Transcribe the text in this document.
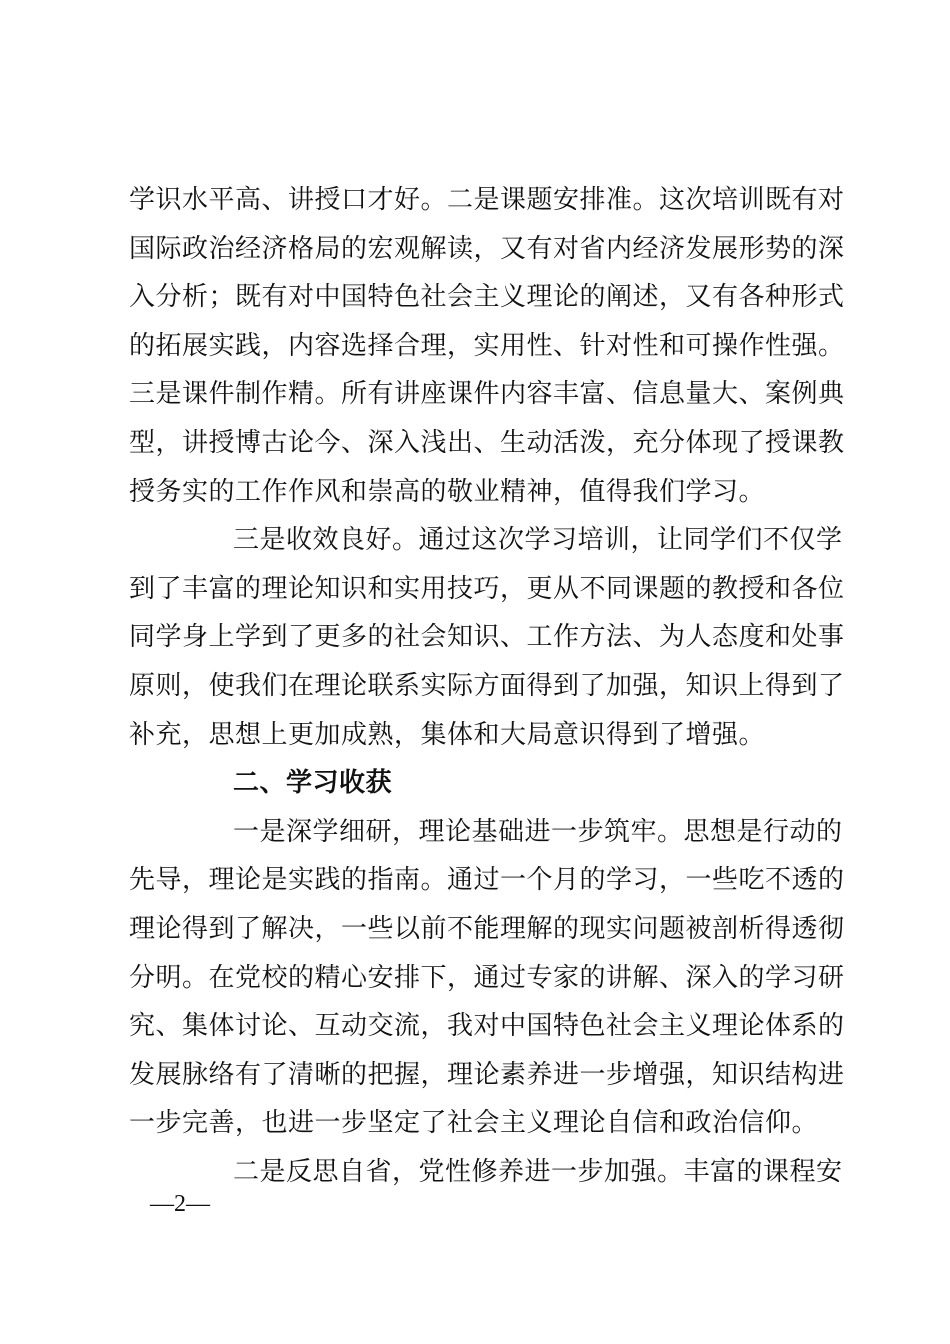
学识水平高、讲授口才好。二是课题安排准。这次培训既有对
国际政治经济格局的宏观解读，又有对省内经济发展形势的深
入分析；既有对中国特色社会主义理论的阐述，又有各种形式
的拓展实践，内容选择合理，实用性、针对性和可操作性强。
三是课件制作精。所有讲座课件内容丰富、信息量大、案例典
型，讲授博古论今、深入浅出、生动活泼，充分体现了授课教
授务实的工作作风和崇高的敬业精神，值得我们学习。
三是收效良好。通过这次学习培训，让同学们不仅学
到了丰富的理论知识和实用技巧，更从不同课题的教授和各位
同学身上学到了更多的社会知识、工作方法、为人态度和处事
原则，使我们在理论联系实际方面得到了加强，知识上得到了
补充，思想上更加成熟，集体和大局意识得到了增强。
二、学习收获
一是深学细研，理论基础进一步筑牢。思想是行动的
先导，理论是实践的指南。通过一个月的学习，一些吃不透的
理论得到了解决，一些以前不能理解的现实问题被剖析得透彻
分明。在党校的精心安排下，通过专家的讲解、深入的学习研
究、集体讨论、互动交流，我对中国特色社会主义理论体系的
发展脉络有了清晰的把握，理论素养进一步增强，知识结构进
一步完善，也进一步坚定了社会主义理论自信和政治信仰。
二是反思自省，党性修养进一步加强。丰富的课程安
—2—
